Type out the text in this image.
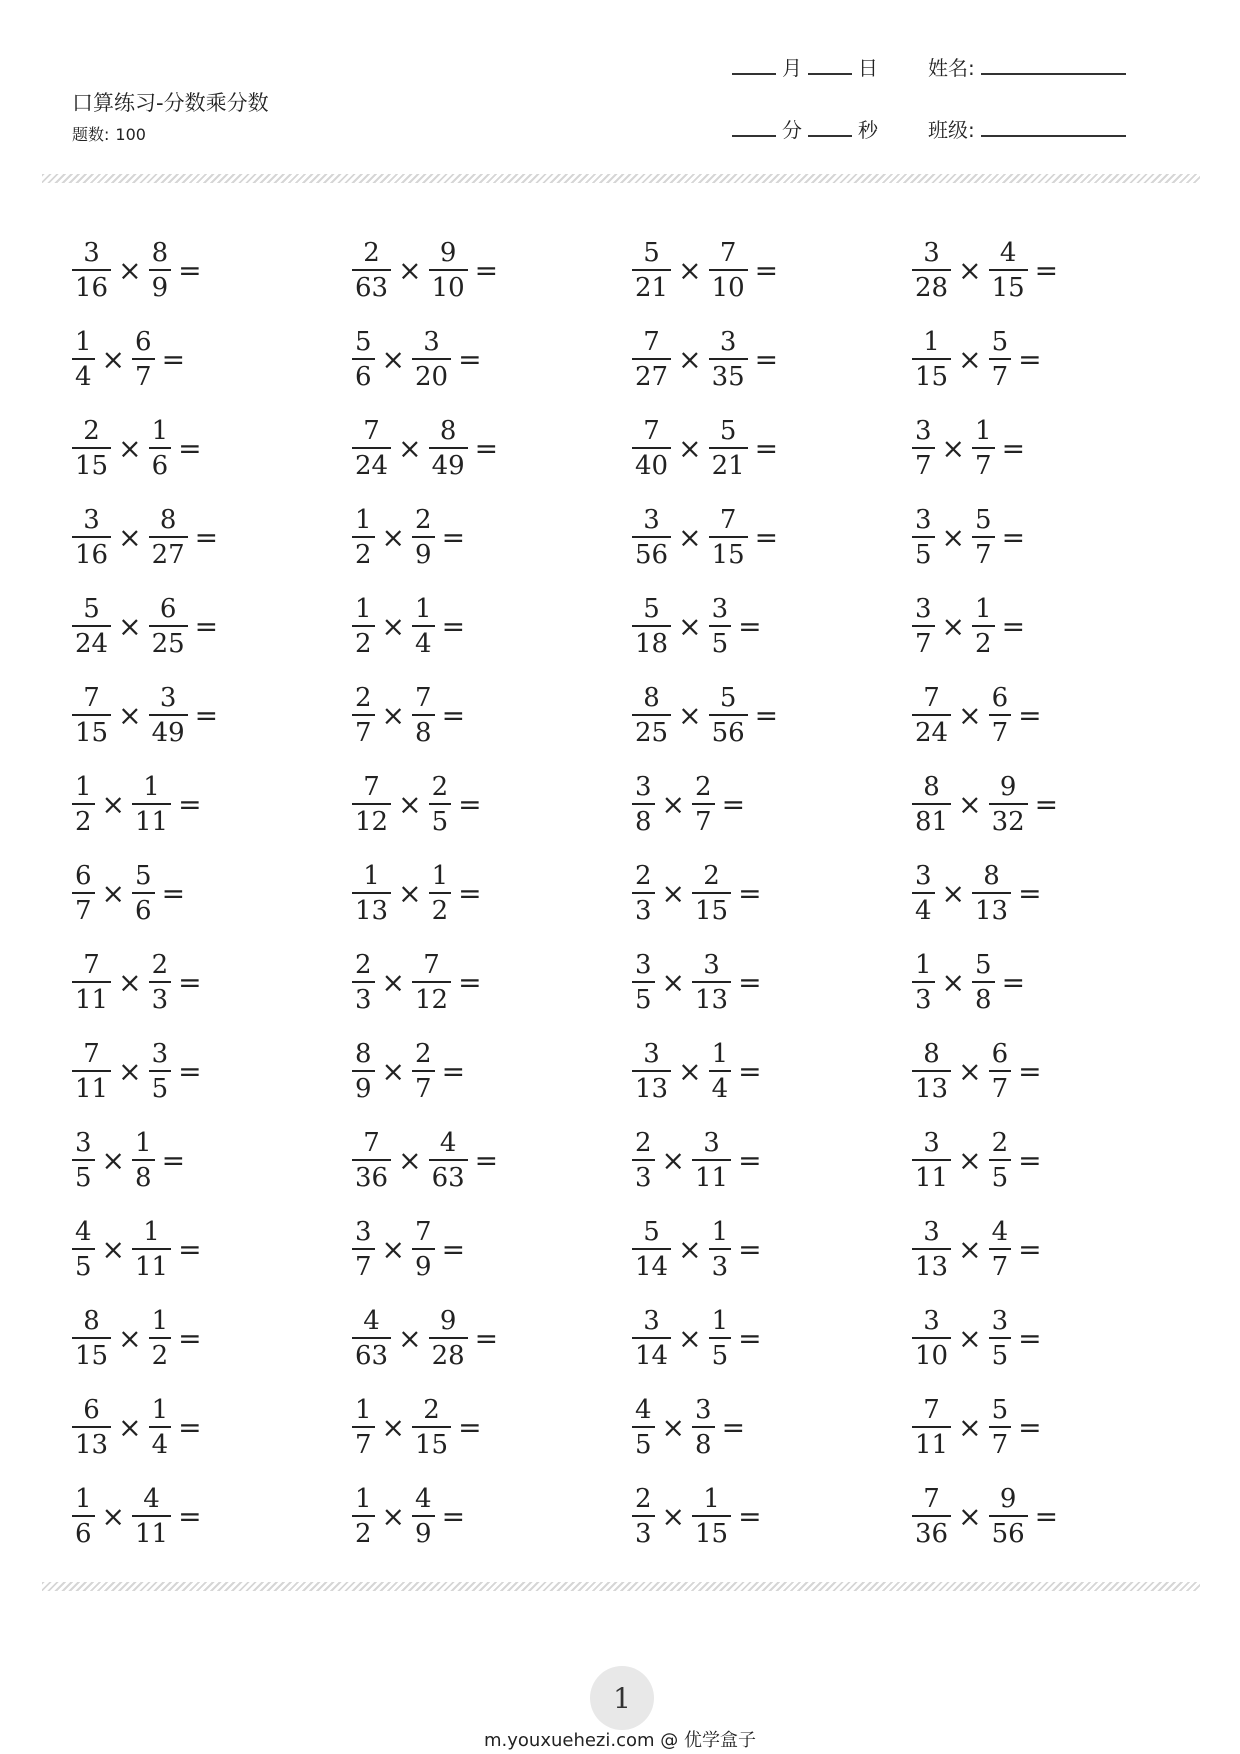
口算练习-分数乘分数
题数: 100
月	日	姓名:
分	秒	班级:
$\frac{3}{16} \times \frac{8}{9}$ =	$\frac{2}{63} \times \frac{9}{10}$ =	$\frac{5}{21} \times \frac{7}{10}$ =	$\frac{3}{28} \times \frac{4}{15}$ =
$\frac{1}{4} \times \frac{6}{7}$ =	$\frac{5}{6} \times \frac{3}{20}$ =	$\frac{7}{27} \times \frac{3}{35}$ =	$\frac{1}{15} \times \frac{5}{7}$ =
$\frac{2}{15} \times \frac{1}{6}$ =	$\frac{7}{24} \times \frac{8}{49}$ =	$\frac{7}{40} \times \frac{5}{21}$ =	$\frac{3}{7} \times \frac{1}{7}$ =
$\frac{3}{16} \times \frac{8}{27}$ =	$\frac{1}{2} \times \frac{2}{9}$ =	$\frac{3}{56} \times \frac{7}{15}$ =	$\frac{3}{5} \times \frac{5}{7}$ =
$\frac{5}{24} \times \frac{6}{25}$ =	$\frac{1}{2} \times \frac{1}{4}$ =	$\frac{5}{18} \times \frac{3}{5}$ =	$\frac{3}{7} \times \frac{1}{2}$ =
$\frac{7}{15} \times \frac{3}{49}$ =	$\frac{2}{7} \times \frac{7}{8}$ =	$\frac{8}{25} \times \frac{5}{56}$ =	$\frac{7}{24} \times \frac{6}{7}$ =
$\frac{1}{2} \times \frac{1}{11}$ =	$\frac{7}{12} \times \frac{2}{5}$ =	$\frac{3}{8} \times \frac{2}{7}$ =	$\frac{8}{81} \times \frac{9}{32}$ =
$\frac{6}{7} \times \frac{5}{6}$ =	$\frac{1}{13} \times \frac{1}{2}$ =	$\frac{2}{3} \times \frac{2}{15}$ =	$\frac{3}{4} \times \frac{8}{13}$ =
$\frac{7}{11} \times \frac{2}{3}$ =	$\frac{2}{3} \times \frac{7}{12}$ =	$\frac{3}{5} \times \frac{3}{13}$ =	$\frac{1}{3} \times \frac{5}{8}$ =
$\frac{7}{11} \times \frac{3}{5}$ =	$\frac{8}{9} \times \frac{2}{7}$ =	$\frac{3}{13} \times \frac{1}{4}$ =	$\frac{8}{13} \times \frac{6}{7}$ =
$\frac{3}{5} \times \frac{1}{8}$ =	$\frac{7}{36} \times \frac{4}{63}$ =	$\frac{2}{3} \times \frac{3}{11}$ =	$\frac{3}{11} \times \frac{2}{5}$ =
$\frac{4}{5} \times \frac{1}{11}$ =	$\frac{3}{7} \times \frac{7}{9}$ =	$\frac{5}{14} \times \frac{1}{3}$ =	$\frac{3}{13} \times \frac{4}{7}$ =
$\frac{8}{15} \times \frac{1}{2}$ =	$\frac{4}{63} \times \frac{9}{28}$ =	$\frac{3}{14} \times \frac{1}{5}$ =	$\frac{3}{10} \times \frac{3}{5}$ =
$\frac{6}{13} \times \frac{1}{4}$ =	$\frac{1}{7} \times \frac{2}{15}$ =	$\frac{4}{5} \times \frac{3}{8}$ =	$\frac{7}{11} \times \frac{5}{7}$ =
$\frac{1}{6} \times \frac{4}{11}$ =	$\frac{1}{2} \times \frac{4}{9}$ =	$\frac{2}{3} \times \frac{1}{15}$ =	$\frac{7}{36} \times \frac{9}{56}$ =
1
m.youxuehezi.com @ 优学盒子
